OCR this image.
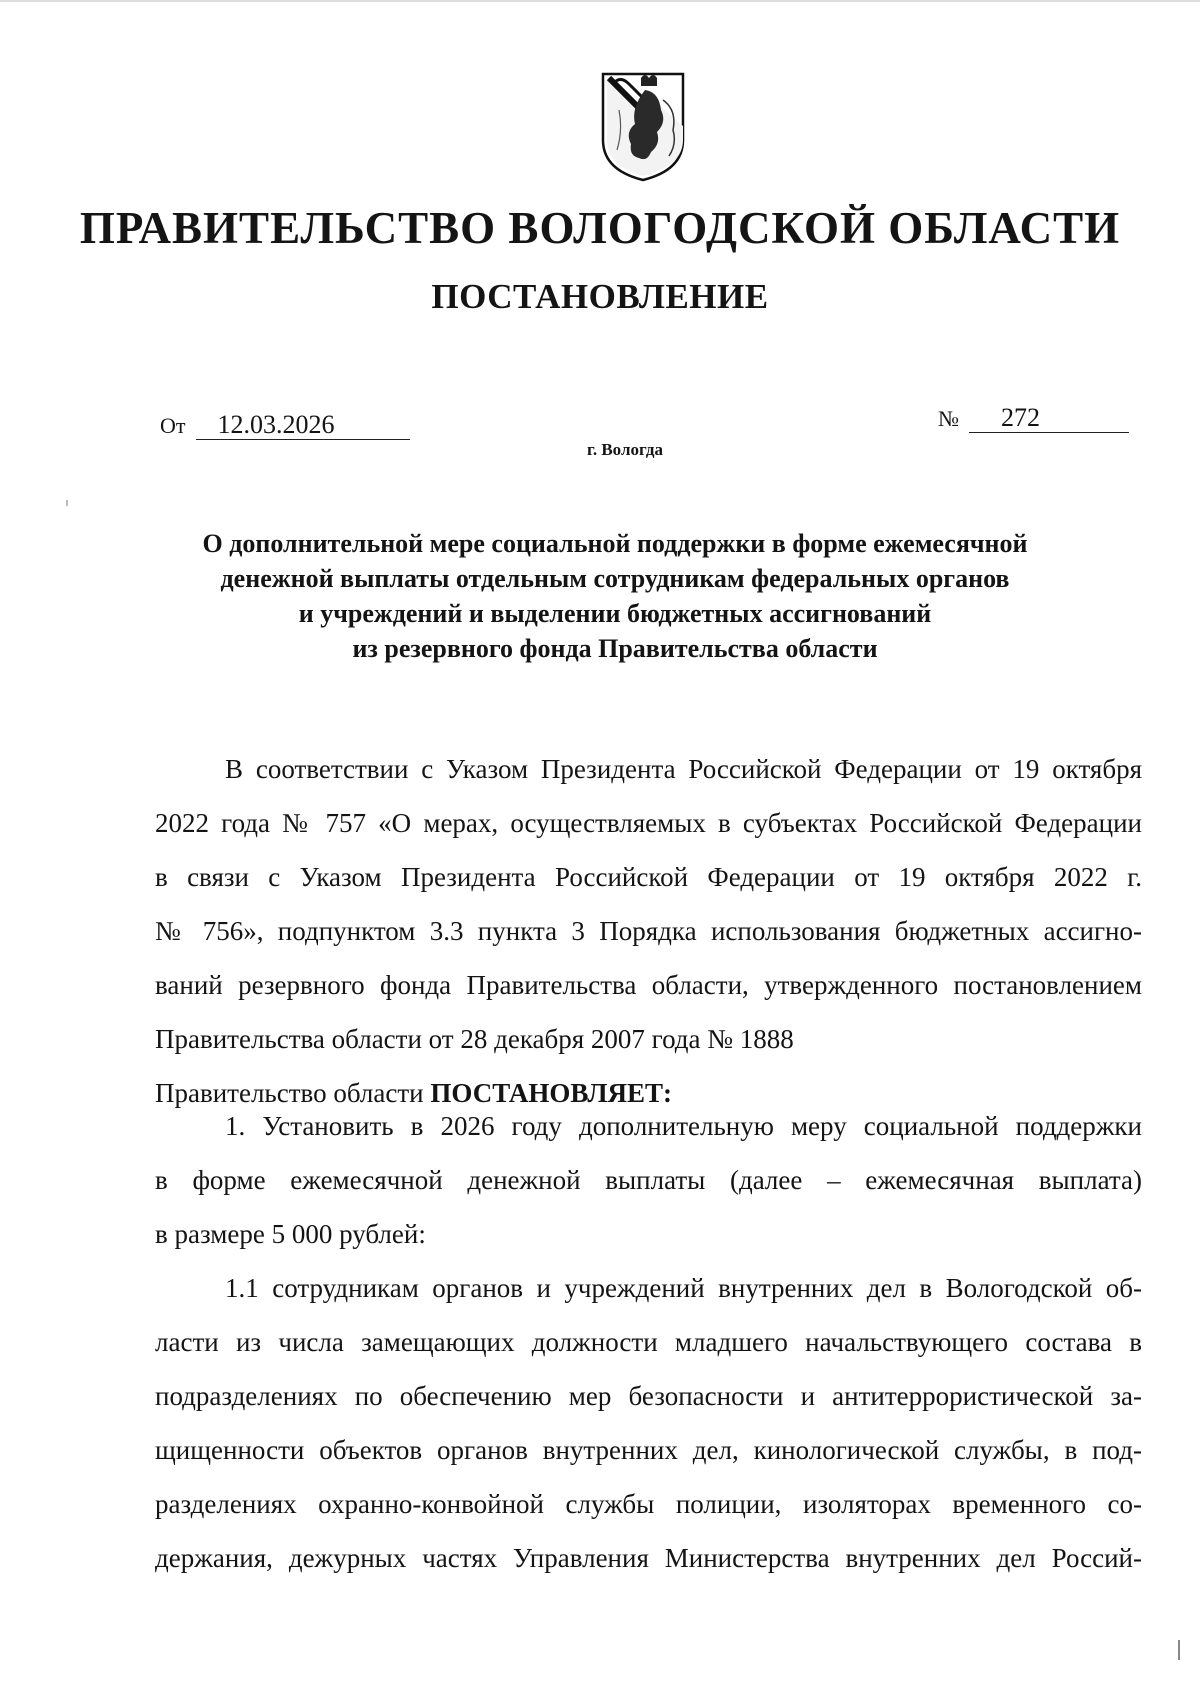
ПРАВИТЕЛЬСТВО ВОЛОГОДСКОЙ ОБЛАСТИ
ПОСТАНОВЛЕНИЕ
От 12.03.2026	№ 272
г. Вологда
О дополнительной мере социальной поддержки в форме ежемесячной
денежной выплаты отдельным сотрудникам федеральных органов
и учреждений и выделении бюджетных ассигнований
из резервного фонда Правительства области
В соответствии с Указом Президента Российской Федерации от 19 октября
2022 года № 757 «О мерах, осуществляемых в субъектах Российской Федерации
в связи с Указом Президента Российской Федерации от 19 октября 2022 г.
№ 756», подпунктом 3.3 пункта 3 Порядка использования бюджетных ассигно-
ваний резервного фонда Правительства области, утвержденного постановлением
Правительства области от 28 декабря 2007 года № 1888
Правительство области ПОСТАНОВЛЯЕТ:
1. Установить в 2026 году дополнительную меру социальной поддержки
в форме ежемесячной денежной выплаты (далее – ежемесячная выплата)
в размере 5 000 рублей:
1.1 сотрудникам органов и учреждений внутренних дел в Вологодской об-
ласти из числа замещающих должности младшего начальствующего состава в
подразделениях по обеспечению мер безопасности и антитеррористической за-
щищенности объектов органов внутренних дел, кинологической службы, в под-
разделениях охранно-конвойной службы полиции, изоляторах временного со-
держания, дежурных частях Управления Министерства внутренних дел Россий-
